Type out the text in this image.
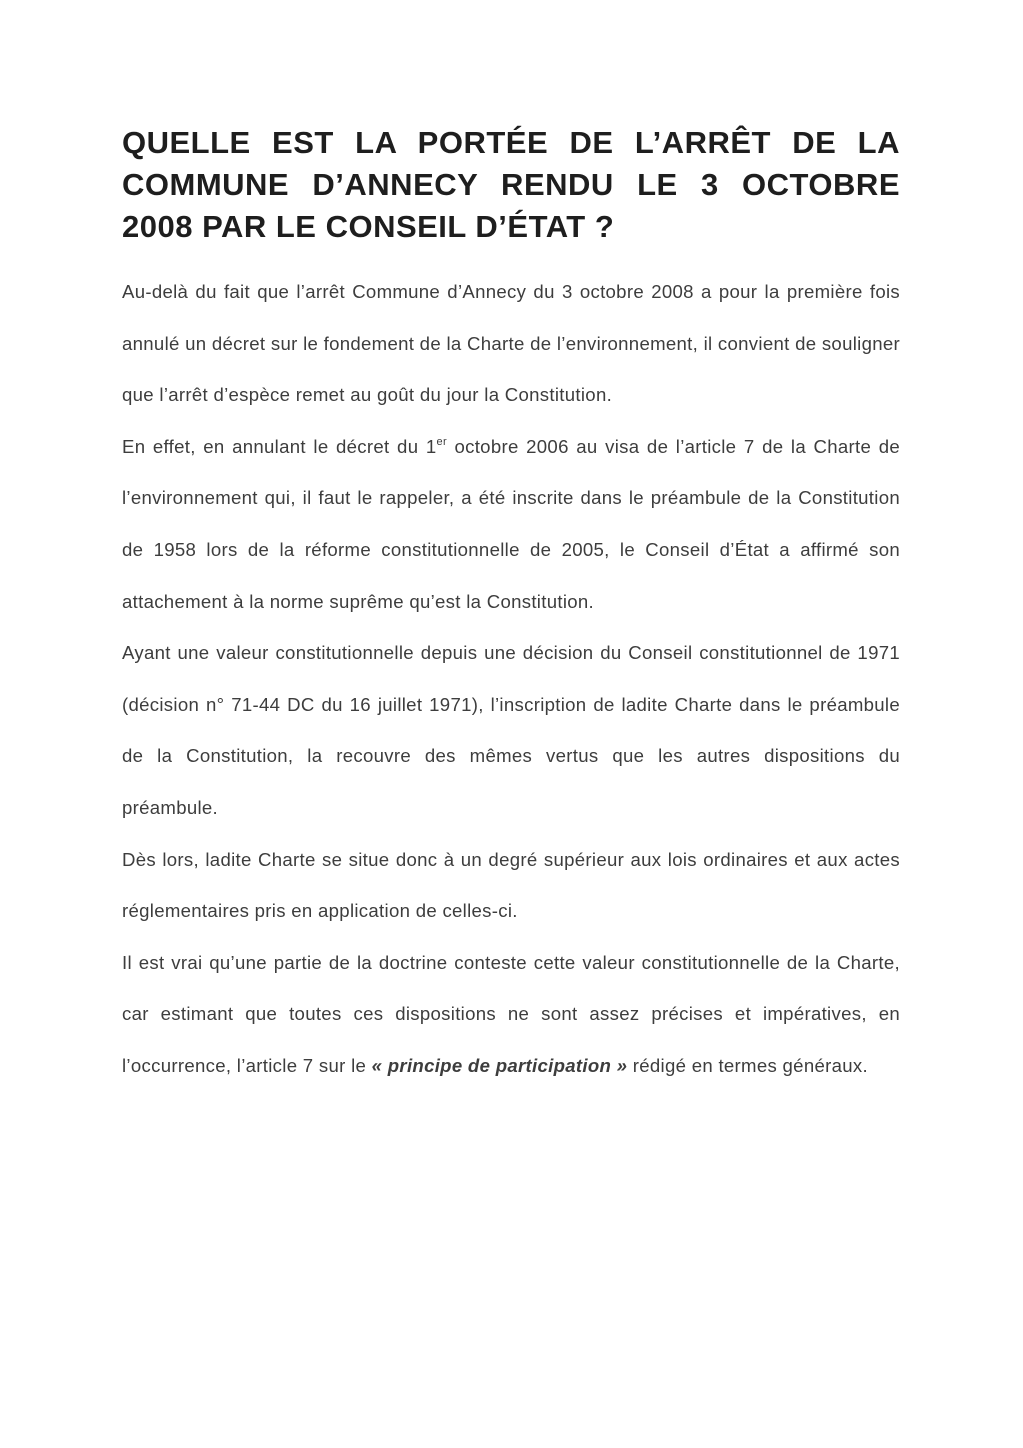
QUELLE EST LA PORTÉE DE L’ARRÊT DE LA COMMUNE D’ANNECY RENDU LE 3 OCTOBRE 2008 PAR LE CONSEIL D’ÉTAT ?

Au-delà du fait que l’arrêt Commune d’Annecy du 3 octobre 2008 a pour la première fois annulé un décret sur le fondement de la Charte de l’environnement, il convient de souligner que l’arrêt d’espèce remet au goût du jour la Constitution.

En effet, en annulant le décret du 1er octobre 2006 au visa de l’article 7 de la Charte de l’environnement qui, il faut le rappeler, a été inscrite dans le préambule de la Constitution de 1958 lors de la réforme constitutionnelle de 2005, le Conseil d’État a affirmé son attachement à la norme suprême qu’est la Constitution.

Ayant une valeur constitutionnelle depuis une décision du Conseil constitutionnel de 1971 (décision n° 71-44 DC du 16 juillet 1971), l’inscription de ladite Charte dans le préambule de la Constitution, la recouvre des mêmes vertus que les autres dispositions du préambule.

Dès lors, ladite Charte se situe donc à un degré supérieur aux lois ordinaires et aux actes réglementaires pris en application de celles-ci.

Il est vrai qu’une partie de la doctrine conteste cette valeur constitutionnelle de la Charte, car estimant que toutes ces dispositions ne sont assez précises et impératives, en l’occurrence, l’article 7 sur le « principe de participation » rédigé en termes généraux.
